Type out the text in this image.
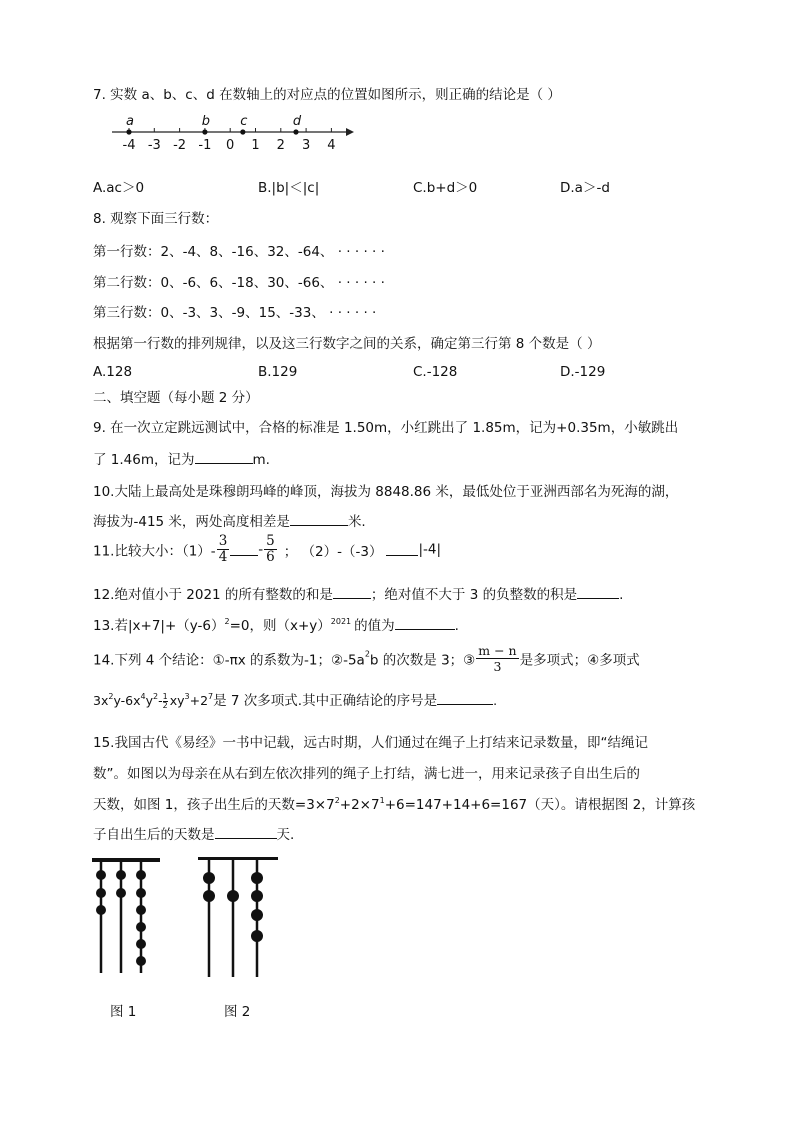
7. 实数 a、b、c、d 在数轴上的对应点的位置如图所示，则正确的结论是（ ）
-4 -3 -2 -1 0 1 2 3 4
a	b c	d
A.ac＞0	B.|b|＜|c|	C.b+d＞0	D.a＞-d
8. 观察下面三行数：
第一行数：2、-4、8、-16、32、-64、 · · · · · ·
第二行数：0、-6、6、-18、30、-66、 · · · · · ·
第三行数：0、-3、3、-9、15、-33、 · · · · · ·
根据第一行数的排列规律，以及这三行数字之间的关系，确定第三行第 8 个数是（ ）
A.128	B.129	C.-128	D.-129
二、填空题（每小题 2 分）
9. 在一次立定跳远测试中，合格的标准是 1.50m，小红跳出了 1.85m，记为+0.35m，小敏跳出
了 1.46m，记为	m.
10.大陆上最高处是珠穆朗玛峰的峰顶，海拔为 8848.86 米，最低处位于亚洲西部名为死海的湖，
海拔为-415 米，两处高度相差是	米.
11.比较大小：$(1)- \frac{3}{4} - \frac{5}{6}$ ； （2）-（-3）	|-4|
12.绝对值小于 2021 的所有整数的和是	；绝对值不大于 3 的负整数的积是	.
13.若$|x+7|+(y-6)^2=0$，则$(x+y)^{2021}$ 的值为	.
14.下列 4 个结论：①-πx 的系数为-1；$②-5a^2b$ 的次数是 3；③ $\frac{m - n}{3}$ 是多项式；④多项式
$3x^2y-6x^4y^2- \frac{1}{2} xy^3+2^7$是 7 次多项式.其中正确结论的序号是	.
15.我国古代《易经》一书中记载，远古时期，人们通过在绳子上打结来记录数量，即“结绳记
数”。如图以为母亲在从右到左依次排列的绳子上打结，满七进一，用来记录孩子自出生后的
天数，如图 1，孩子出生后的天数$=3\times 7^2+2\times 7^1+6=147+14+6=167$（天）。请根据图 2，计算孩
子自出生后的天数是	天.
图 1	图 2
